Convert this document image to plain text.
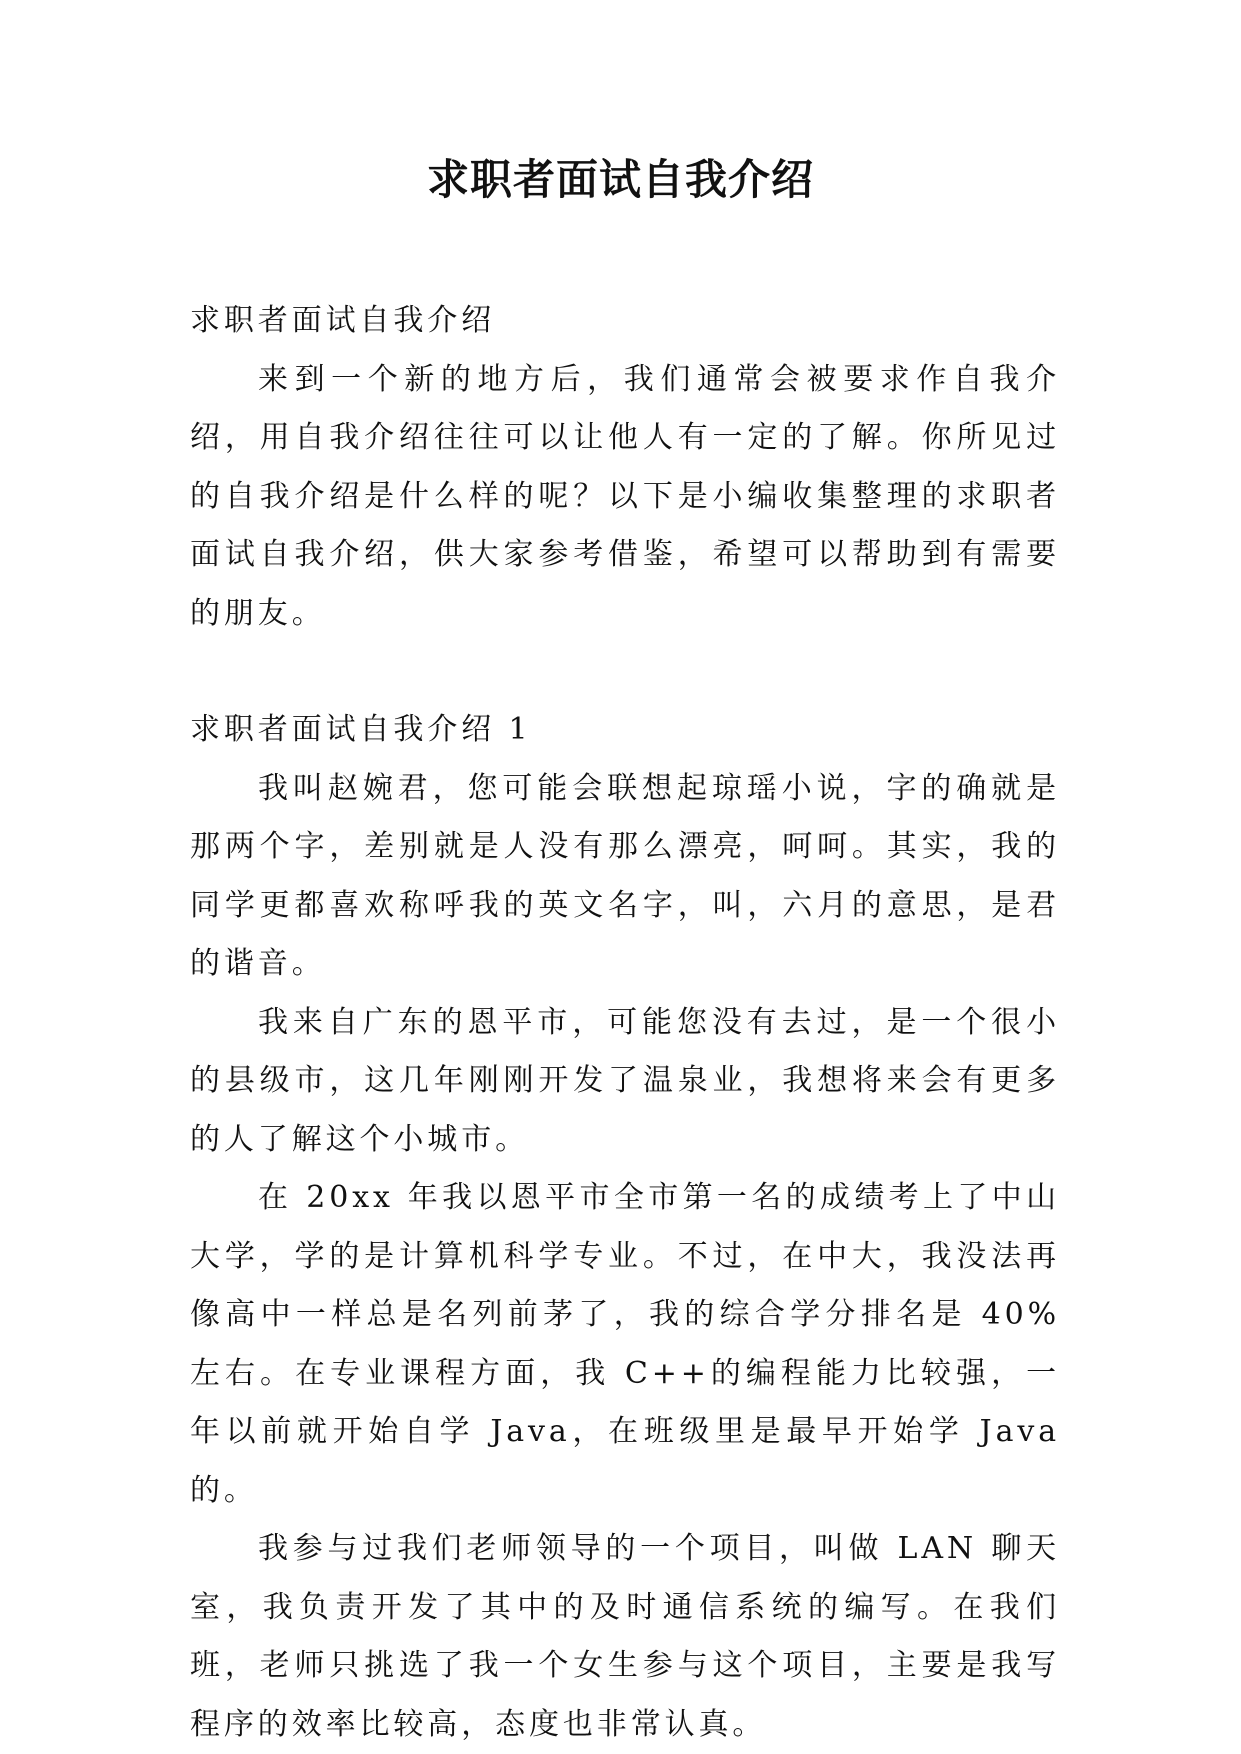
求职者面试自我介绍

求职者面试自我介绍

来到一个新的地方后，我们通常会被要求作自我介绍，用自我介绍往往可以让他人有一定的了解。你所见过的自我介绍是什么样的呢？以下是小编收集整理的求职者面试自我介绍，供大家参考借鉴，希望可以帮助到有需要的朋友。

求职者面试自我介绍 1

我叫赵婉君，您可能会联想起琼瑶小说，字的确就是那两个字，差别就是人没有那么漂亮，呵呵。其实，我的同学更都喜欢称呼我的英文名字，叫，六月的意思，是君的谐音。

我来自广东的恩平市，可能您没有去过，是一个很小的县级市，这几年刚刚开发了温泉业，我想将来会有更多的人了解这个小城市。

在 20xx 年我以恩平市全市第一名的成绩考上了中山大学，学的是计算机科学专业。不过，在中大，我没法再像高中一样总是名列前茅了，我的综合学分排名是 40%左右。在专业课程方面，我 C++的编程能力比较强，一年以前就开始自学 Java，在班级里是最早开始学 Java 的。

我参与过我们老师领导的一个项目，叫做 LAN 聊天室，我负责开发了其中的及时通信系统的编写。在我们班，老师只挑选了我一个女生参与这个项目，主要是我写程序的效率比较高，态度也非常认真。
